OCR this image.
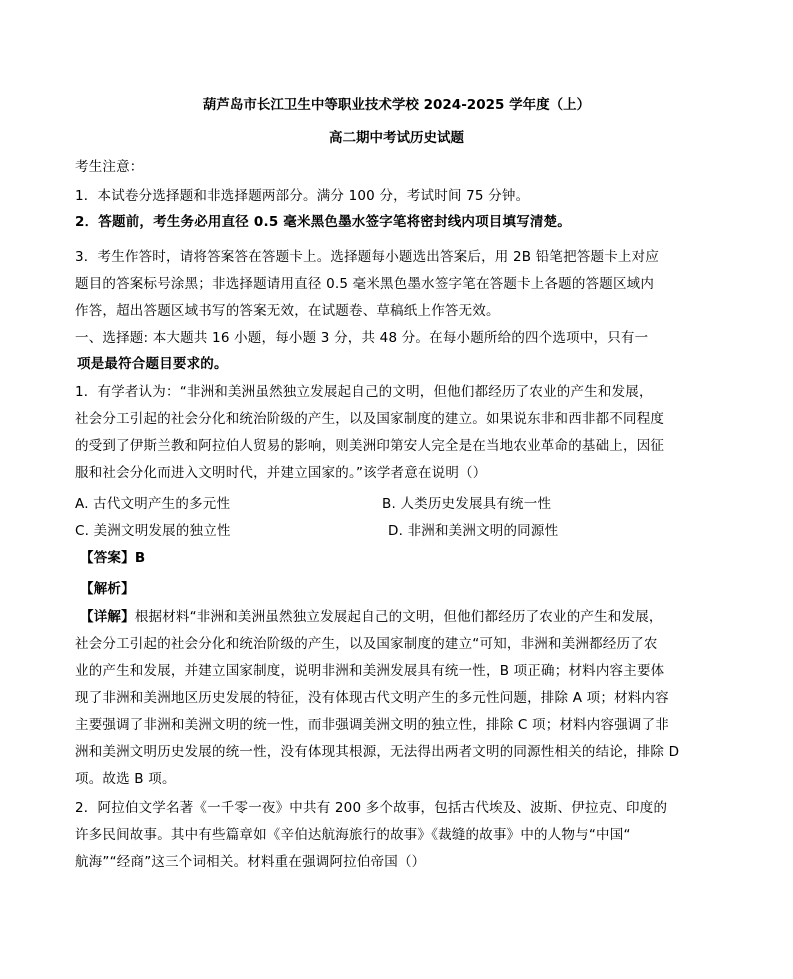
葫芦岛市长江卫生中等职业技术学校 2024-2025 学年度（上）
高二期中考试历史试题
考生注意：
1．本试卷分选择题和非选择题两部分。满分 100 分，考试时间 75 分钟。
2．答题前，考生务必用直径 0.5 毫米黑色墨水签字笔将密封线内项目填写清楚。
3．考生作答时，请将答案答在答题卡上。选择题每小题选出答案后，用 2B 铅笔把答题卡上对应
题目的答案标号涂黑；非选择题请用直径 0.5 毫米黑色墨水签字笔在答题卡上各题的答题区域内
作答，超出答题区域书写的答案无效，在试题卷、草稿纸上作答无效。
一、选择题: 本大题共 16 小题，每小题 3 分，共 48 分。在每小题所给的四个选项中，只有一
项是最符合题目要求的。
1．有学者认为：“非洲和美洲虽然独立发展起自己的文明，但他们都经历了农业的产生和发展，
社会分工引起的社会分化和统治阶级的产生，以及国家制度的建立。如果说东非和西非都不同程度
的受到了伊斯兰教和阿拉伯人贸易的影响，则美洲印第安人完全是在当地农业革命的基础上，因征
服和社会分化而进入文明时代，并建立国家的。”该学者意在说明（）
A. 古代文明产生的多元性	B. 人类历史发展具有统一性
C. 美洲文明发展的独立性	D. 非洲和美洲文明的同源性
【答案】B
【解析】
【详解】根据材料“非洲和美洲虽然独立发展起自己的文明，但他们都经历了农业的产生和发展，
社会分工引起的社会分化和统治阶级的产生，以及国家制度的建立“可知，非洲和美洲都经历了农
业的产生和发展，并建立国家制度，说明非洲和美洲发展具有统一性，B 项正确；材料内容主要体
现了非洲和美洲地区历史发展的特征，没有体现古代文明产生的多元性问题，排除 A 项；材料内容
主要强调了非洲和美洲文明的统一性，而非强调美洲文明的独立性，排除 C 项；材料内容强调了非
洲和美洲文明历史发展的统一性，没有体现其根源，无法得出两者文明的同源性相关的结论，排除 D
项。故选 B 项。
2．阿拉伯文学名著《一千零一夜》中共有 200 多个故事，包括古代埃及、波斯、伊拉克、印度的
许多民间故事。其中有些篇章如《辛伯达航海旅行的故事》《裁缝的故事》中的人物与“中国“
航海”“经商”这三个词相关。材料重在强调阿拉伯帝国（）
